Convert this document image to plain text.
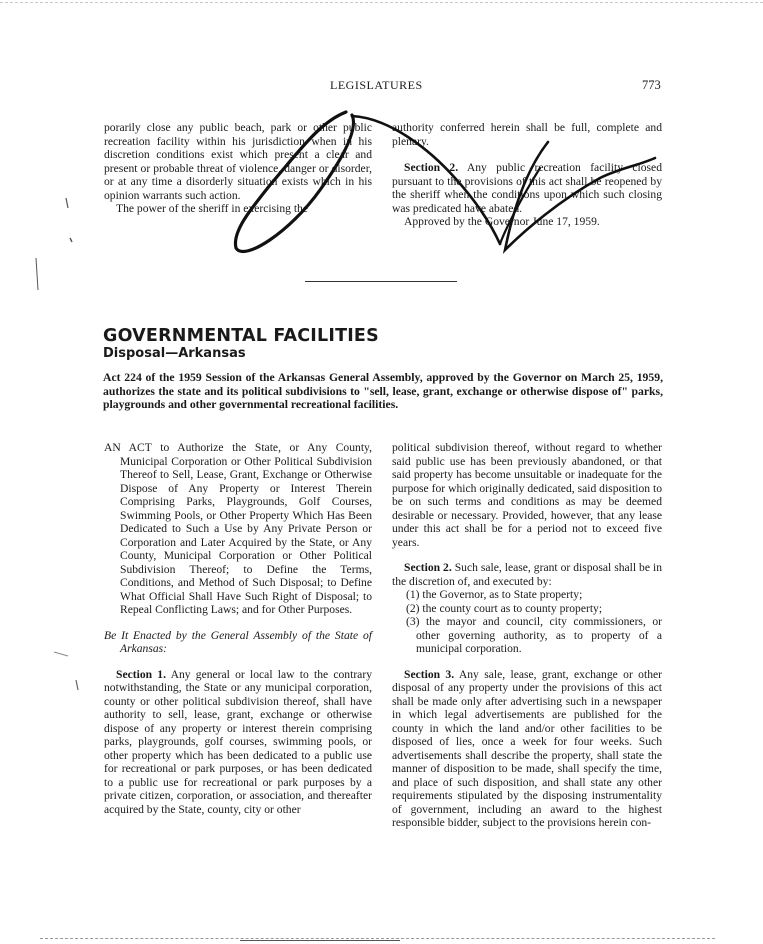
LEGISLATURES	773

porarily close any public beach, park or other public recreation facility within his jurisdiction when in his discretion conditions exist which present a clear and present or probable threat of violence, danger or disorder, or at any time a disorderly situation exists which in his opinion warrants such action.

The power of the sheriff in exercising the

authority conferred herein shall be full, complete and plenary.

Section 2. Any public recreation facility closed pursuant to the provisions of this act shall be reopened by the sheriff when the conditions upon which such closing was predicated have abated.

Approved by the Governor June 17, 1959.

GOVERNMENTAL FACILITIES
Disposal—Arkansas
Act 224 of the 1959 Session of the Arkansas General Assembly, approved by the Governor on March 25, 1959, authorizes the state and its political subdivisions to "sell, lease, grant, exchange or otherwise dispose of" parks, playgrounds and other governmental recreational facilities.

AN ACT to Authorize the State, or Any County, Municipal Corporation or Other Political Subdivision Thereof to Sell, Lease, Grant, Exchange or Otherwise Dispose of Any Property or Interest Therein Comprising Parks, Playgrounds, Golf Courses, Swimming Pools, or Other Property Which Has Been Dedicated to Such a Use by Any Private Person or Corporation and Later Acquired by the State, or Any County, Municipal Corporation or Other Political Subdivision Thereof; to Define the Terms, Conditions, and Method of Such Disposal; to Define What Official Shall Have Such Right of Disposal; to Repeal Conflicting Laws; and for Other Purposes.

Be It Enacted by the General Assembly of the State of Arkansas:

Section 1. Any general or local law to the contrary notwithstanding, the State or any municipal corporation, county or other political subdivision thereof, shall have authority to sell, lease, grant, exchange or otherwise dispose of any property or interest therein comprising parks, playgrounds, golf courses, swimming pools, or other property which has been dedicated to a public use for recreational or park purposes, or has been dedicated to a public use for recreational or park purposes by a private citizen, corporation, or association, and thereafter acquired by the State, county, city or other

political subdivision thereof, without regard to whether said public use has been previously abandoned, or that said property has become unsuitable or inadequate for the purpose for which originally dedicated, said disposition to be on such terms and conditions as may be deemed desirable or necessary. Provided, however, that any lease under this act shall be for a period not to exceed five years.

Section 2. Such sale, lease, grant or disposal shall be in the discretion of, and executed by:

(1) the Governor, as to State property;

(2) the county court as to county property;

(3) the mayor and council, city commissioners, or other governing authority, as to property of a municipal corporation.

Section 3. Any sale, lease, grant, exchange or other disposal of any property under the provisions of this act shall be made only after advertising such in a newspaper in which legal advertisements are published for the county in which the land and/or other facilities to be disposed of lies, once a week for four weeks. Such advertisements shall describe the property, shall state the manner of disposition to be made, shall specify the time, and place of such disposition, and shall state any other requirements stipulated by the disposing instrumentality of government, including an award to the highest responsible bidder, subject to the provisions herein con-
